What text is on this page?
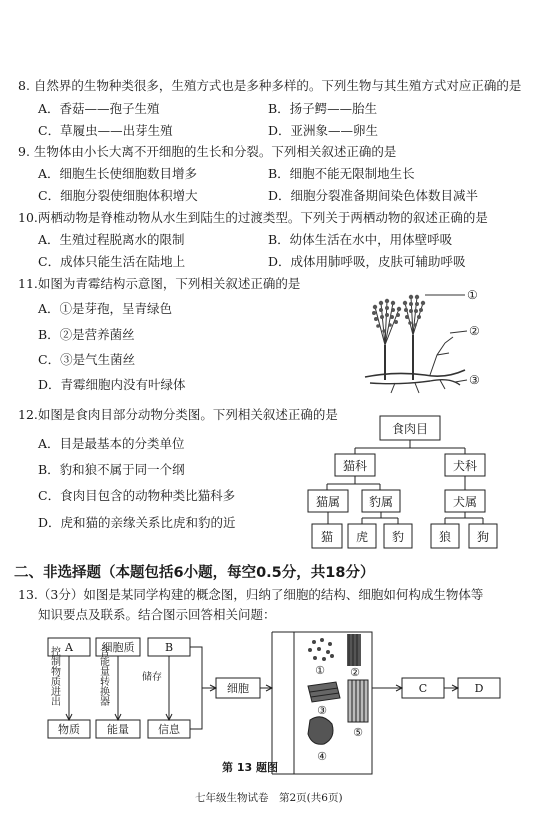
8. 自然界的生物种类很多，生殖方式也是多种多样的。下列生物与其生殖方式对应正确的是
A．香菇——孢子生殖	B．扬子鳄——胎生
C．草履虫——出芽生殖	D．亚洲象——卵生
9. 生物体由小长大离不开细胞的生长和分裂。下列相关叙述正确的是
A．细胞生长使细胞数目增多	B．细胞不能无限制地生长
C．细胞分裂使细胞体积增大	D．细胞分裂准备期间染色体数目减半
10.两栖动物是脊椎动物从水生到陆生的过渡类型。下列关于两栖动物的叙述正确的是
A．生殖过程脱离水的限制	B．幼体生活在水中，用体壁呼吸
C．成体只能生活在陆地上	D．成体用肺呼吸，皮肤可辅助呼吸
11.如图为青霉结构示意图，下列相关叙述正确的是
A．①是芽孢，呈青绿色
B．②是营养菌丝
C．③是气生菌丝
D．青霉细胞内没有叶绿体
①
②
③
12.如图是食肉目部分动物分类图。下列相关叙述正确的是
A．目是最基本的分类单位
B．豹和狼不属于同一个纲
C．食肉目包含的动物种类比猫科多
D．虎和猫的亲缘关系比虎和豹的近
食肉目
猫科	犬科
猫属 豹属	犬属
猫 虎 豹	狼 狗
二、非选择题（本题包括6小题，每空0.5分，共18分）
13.（3分）如图是某同学构建的概念图，归纳了细胞的结构、细胞如何构成生物体等
知识要点及联系。结合图示回答相关问题：
A	细胞质	B
物质 能量	信息
细胞	C	D
控制物质进出	含能量转换器	储存
① ②
③
④
⑤
第 13 题图
七年级生物试卷　第2页(共6页)
